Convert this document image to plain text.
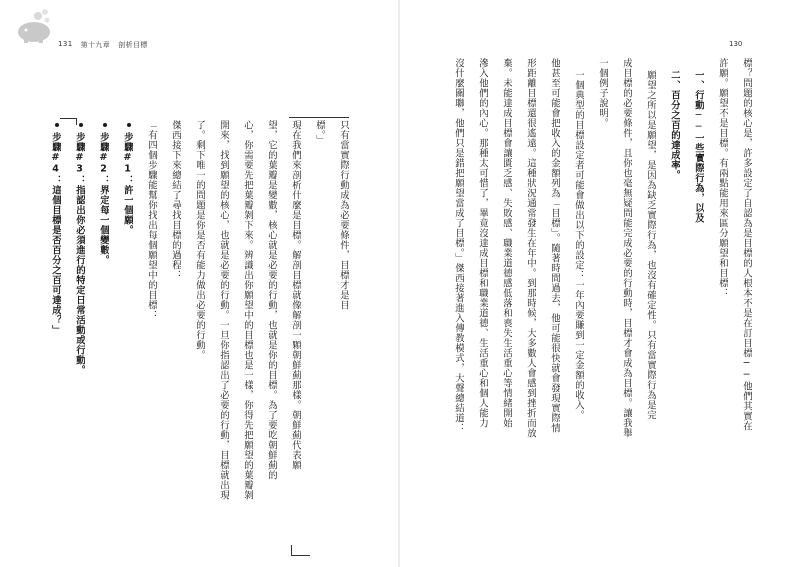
131 第十九章 剖析目標
只有當實際行動成為必要條件，目標才是目
標。」
現在我們來剖析什麼是目標。解剖目標就像解剖一顆朝鮮薊那樣。朝鮮薊代表願
望，它的葉瓣是變數，核心就是必要的行動，也就是你的目標。為了要吃朝鮮薊的
心，你需要先把葉瓣剝下來。辨識出你願望中的目標也是一樣，你得先把願望的葉瓣剝
開來，找到願望的核心，也就是必要的行動。一旦你指認出了必要的行動，目標就出現
了。剩下唯一的問題是你是否有能力做出必要的行動。
傑西接下來總結了尋找目標的過程：
「有四個步驟能幫你找出每個願望中的目標：
步驟#1：許一個願。
步驟#2：界定每一個變數。
步驟#3：指認出你必須進行的特定日常活動或行動。
步驟#4：這個目標是否百分之百可達成？」
130
標？問題的核心是，許多設定了自認為是目標的人根本不是在訂目標──他們其實在
許願。願望不是目標。有兩點能用來區分願望和目標：
一、行動──一些實際行為，以及
二、百分之百的達成率。
願望之所以是願望，是因為缺乏實際行為，也沒有確定性。只有當實際行為是完
成目標的必要條件，且你也毫無疑問能完成必要的行動時，目標才會成為目標。讓我舉
一個例子說明。
一個典型的目標設定者可能會做出以下的設定：一年內要賺到一定金額的收入。
他甚至可能會把收入的金額列為「目標」。隨著時間過去，他可能很快就會發現實際情
形距離目標還很遙遠。這種狀況通常發生在年中。到那時候，大多數人會感到挫折而放
棄。未能達成目標會讓匱乏感、失敗感、職業道德感低落和喪失生活重心等情緒開始
滲入他們的內心。那種太可惜了，畢竟沒達成目標和職業道德、生活重心和個人能力
沒什麼關聯，他們只是錯把願望當成了目標。」傑西接著進入傳教模式，大聲總結道：
